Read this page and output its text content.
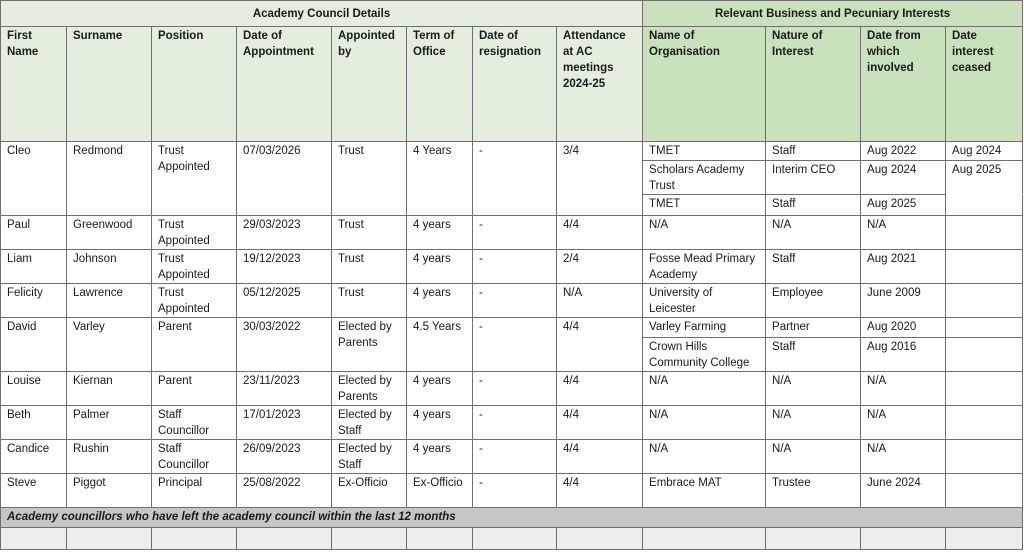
Academy Council Details								Relevant Business and Pecuniary Interests			
First Name	Surname	Position	Date of Appointment	Appointed by	Term of Office	Date of resignation	Attendance at AC meetings 2024-25	Name of Organisation	Nature of Interest	Date from which involved	Date interest ceased
Cleo	Redmond	Trust Appointed	07/03/2026	Trust	4 Years	-	3/4	TMET	Staff	Aug 2022	Aug 2024
								Scholars Academy Trust	Interim CEO	Aug 2024	Aug 2025
								TMET	Staff	Aug 2025	
Paul	Greenwood	Trust Appointed	29/03/2023	Trust	4 years	-	4/4	N/A	N/A	N/A	
Liam	Johnson	Trust Appointed	19/12/2023	Trust	4 years	-	2/4	Fosse Mead Primary Academy	Staff	Aug 2021	
Felicity	Lawrence	Trust Appointed	05/12/2025	Trust	4 years	-	N/A	University of Leicester	Employee	June 2009	
David	Varley	Parent	30/03/2022	Elected by Parents	4.5 Years	-	4/4	Varley Farming	Partner	Aug 2020	
								Crown Hills Community College	Staff	Aug 2016	
Louise	Kiernan	Parent	23/11/2023	Elected by Parents	4 years	-	4/4	N/A	N/A	N/A	
Beth	Palmer	Staff Councillor	17/01/2023	Elected by Staff	4 years	-	4/4	N/A	N/A	N/A	
Candice	Rushin	Staff Councillor	26/09/2023	Elected by Staff	4 years	-	4/4	N/A	N/A	N/A	
Steve	Piggot	Principal	25/08/2022	Ex-Officio	Ex-Officio	-	4/4	Embrace MAT	Trustee	June 2024	
Academy councillors who have left the academy council within the last 12 months											
